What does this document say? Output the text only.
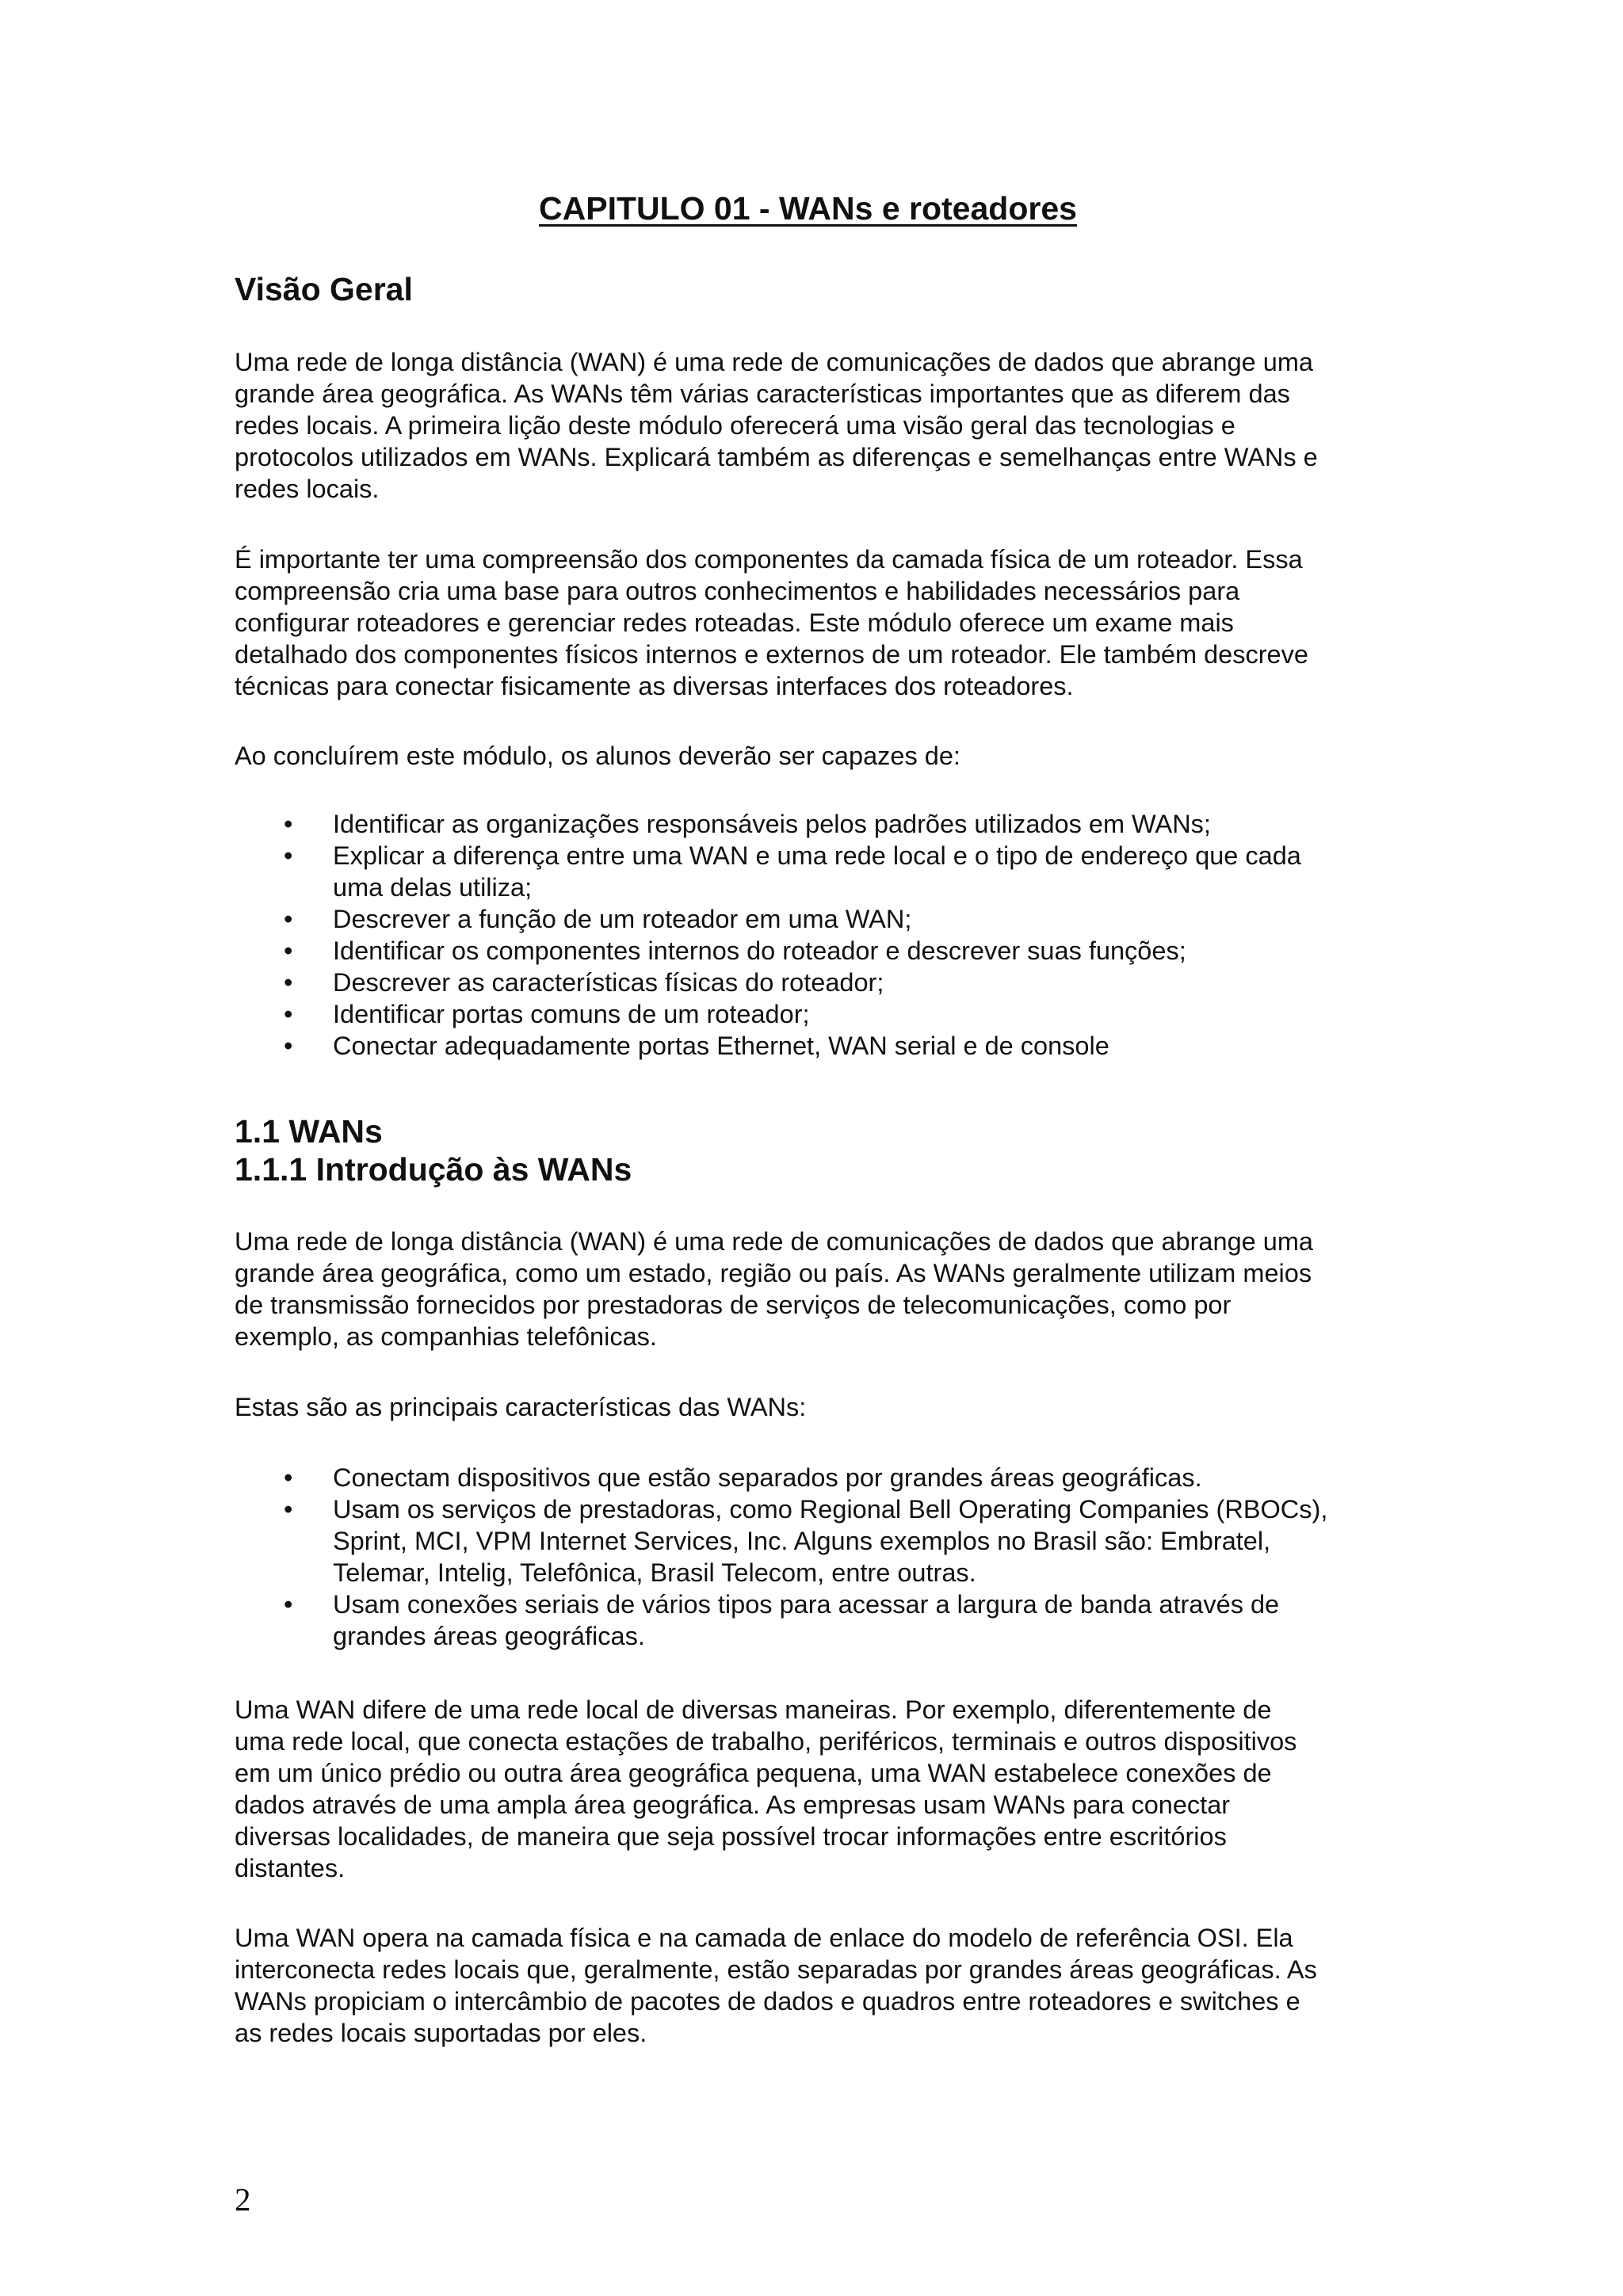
CAPITULO 01 - WANs e roteadores
Visão Geral

Uma rede de longa distância (WAN) é uma rede de comunicações de dados que abrange uma
grande área geográfica. As WANs têm várias características importantes que as diferem das
redes locais. A primeira lição deste módulo oferecerá uma visão geral das tecnologias e
protocolos utilizados em WANs. Explicará também as diferenças e semelhanças entre WANs e
redes locais.

É importante ter uma compreensão dos componentes da camada física de um roteador. Essa
compreensão cria uma base para outros conhecimentos e habilidades necessários para
configurar roteadores e gerenciar redes roteadas. Este módulo oferece um exame mais
detalhado dos componentes físicos internos e externos de um roteador. Ele também descreve
técnicas para conectar fisicamente as diversas interfaces dos roteadores.

Ao concluírem este módulo, os alunos deverão ser capazes de:

• Identificar as organizações responsáveis pelos padrões utilizados em WANs;
• Explicar a diferença entre uma WAN e uma rede local e o tipo de endereço que cada
uma delas utiliza;
• Descrever a função de um roteador em uma WAN;
• Identificar os componentes internos do roteador e descrever suas funções;
• Descrever as características físicas do roteador;
• Identificar portas comuns de um roteador;
• Conectar adequadamente portas Ethernet, WAN serial e de console
1.1 WANs
1.1.1 Introdução às WANs

Uma rede de longa distância (WAN) é uma rede de comunicações de dados que abrange uma
grande área geográfica, como um estado, região ou país. As WANs geralmente utilizam meios
de transmissão fornecidos por prestadoras de serviços de telecomunicações, como por
exemplo, as companhias telefônicas.

Estas são as principais características das WANs:

• Conectam dispositivos que estão separados por grandes áreas geográficas.
• Usam os serviços de prestadoras, como Regional Bell Operating Companies (RBOCs),
Sprint, MCI, VPM Internet Services, Inc. Alguns exemplos no Brasil são: Embratel,
Telemar, Intelig, Telefônica, Brasil Telecom, entre outras.
• Usam conexões seriais de vários tipos para acessar a largura de banda através de
grandes áreas geográficas.

Uma WAN difere de uma rede local de diversas maneiras. Por exemplo, diferentemente de
uma rede local, que conecta estações de trabalho, periféricos, terminais e outros dispositivos
em um único prédio ou outra área geográfica pequena, uma WAN estabelece conexões de
dados através de uma ampla área geográfica. As empresas usam WANs para conectar
diversas localidades, de maneira que seja possível trocar informações entre escritórios
distantes.

Uma WAN opera na camada física e na camada de enlace do modelo de referência OSI. Ela
interconecta redes locais que, geralmente, estão separadas por grandes áreas geográficas. As
WANs propiciam o intercâmbio de pacotes de dados e quadros entre roteadores e switches e
as redes locais suportadas por eles.

2
